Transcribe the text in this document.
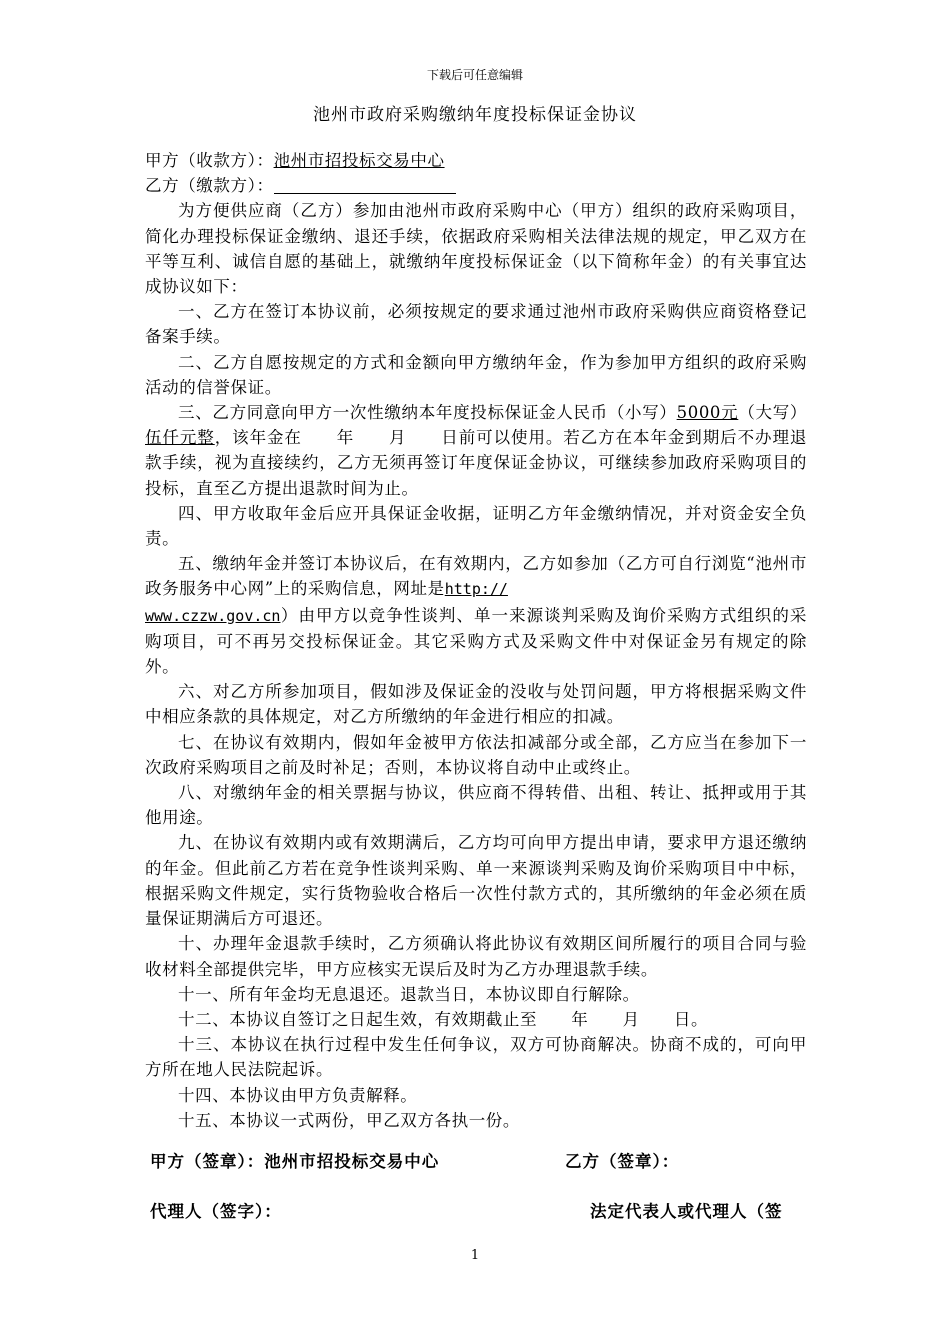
下载后可任意编辑
池州市政府采购缴纳年度投标保证金协议

甲方（收款方）：池州市招投标交易中心

乙方（缴款方）：

为方便供应商（乙方）参加由池州市政府采购中心（甲方）组织的政府采购项目，简化办理投标保证金缴纳、退还手续，依据政府采购相关法律法规的规定，甲乙双方在平等互利、诚信自愿的基础上，就缴纳年度投标保证金（以下简称年金）的有关事宜达成协议如下：

一、乙方在签订本协议前，必须按规定的要求通过池州市政府采购供应商资格登记备案手续。

二、乙方自愿按规定的方式和金额向甲方缴纳年金，作为参加甲方组织的政府采购活动的信誉保证。

三、乙方同意向甲方一次性缴纳本年度投标保证金人民币（小写）5000元（大写）伍仟元整，该年金在　　年　　月　　日前可以使用。若乙方在本年金到期后不办理退款手续，视为直接续约，乙方无须再签订年度保证金协议，可继续参加政府采购项目的投标，直至乙方提出退款时间为止。

四、甲方收取年金后应开具保证金收据，证明乙方年金缴纳情况，并对资金安全负责。

五、缴纳年金并签订本协议后，在有效期内，乙方如参加（乙方可自行浏览“池州市政务服务中心网”上的采购信息，网址是http://
www.czzw.gov.cn）由甲方以竞争性谈判、单一来源谈判采购及询价采购方式组织的采购项目，可不再另交投标保证金。其它采购方式及采购文件中对保证金另有规定的除外。

六、对乙方所参加项目，假如涉及保证金的没收与处罚问题，甲方将根据采购文件中相应条款的具体规定，对乙方所缴纳的年金进行相应的扣减。

七、在协议有效期内，假如年金被甲方依法扣减部分或全部，乙方应当在参加下一次政府采购项目之前及时补足；否则，本协议将自动中止或终止。

八、对缴纳年金的相关票据与协议，供应商不得转借、出租、转让、抵押或用于其他用途。

九、在协议有效期内或有效期满后，乙方均可向甲方提出申请，要求甲方退还缴纳的年金。但此前乙方若在竞争性谈判采购、单一来源谈判采购及询价采购项目中中标，根据采购文件规定，实行货物验收合格后一次性付款方式的，其所缴纳的年金必须在质量保证期满后方可退还。

十、办理年金退款手续时，乙方须确认将此协议有效期区间所履行的项目合同与验收材料全部提供完毕，甲方应核实无误后及时为乙方办理退款手续。

十一、所有年金均无息退还。退款当日，本协议即自行解除。

十二、本协议自签订之日起生效，有效期截止至　　年　　月　　日。

十三、本协议在执行过程中发生任何争议，双方可协商解决。协商不成的，可向甲方所在地人民法院起诉。

十四、本协议由甲方负责解释。

十五、本协议一式两份，甲乙双方各执一份。

甲方（签章）：池州市招投标交易中心	乙方（签章）：
代理人（签字）：	法定代表人或代理人（签
1
